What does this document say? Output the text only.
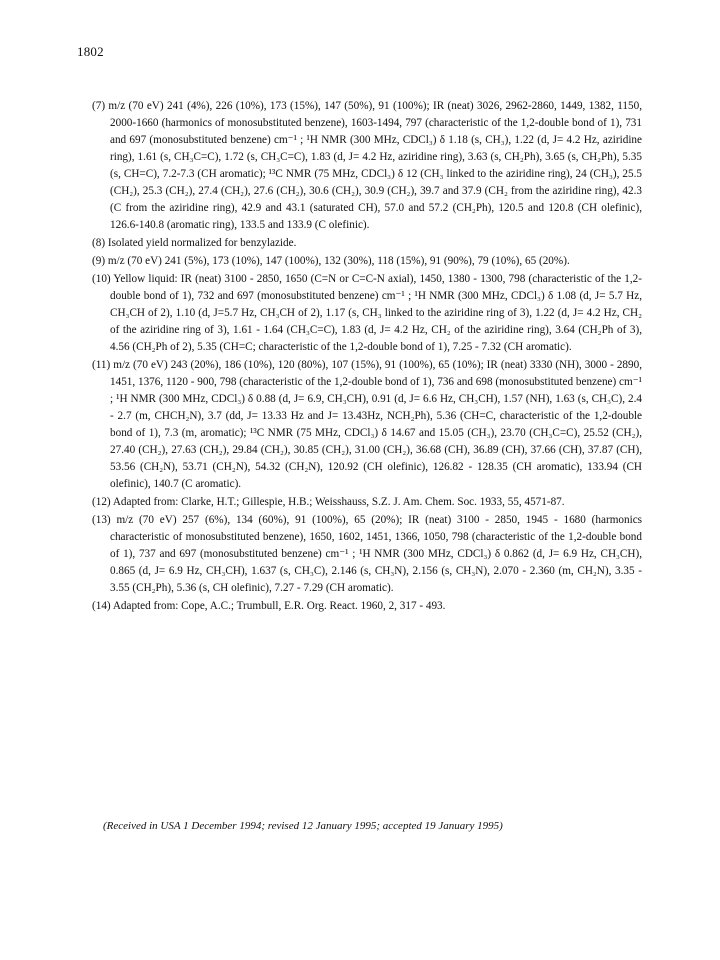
1802
(7) m/z (70 eV) 241 (4%), 226 (10%), 173 (15%), 147 (50%), 91 (100%); IR (neat) 3026, 2962-2860, 1449, 1382, 1150, 2000-1660 (harmonics of monosubstituted benzene), 1603-1494, 797 (characteristic of the 1,2-double bond of 1), 731 and 697 (monosubstituted benzene) cm⁻¹ ; ¹H NMR (300 MHz, CDCl₃) δ 1.18 (s, CH₃), 1.22 (d, J= 4.2 Hz, aziridine ring), 1.61 (s, CH₃C=C), 1.72 (s, CH₃C=C), 1.83 (d, J= 4.2 Hz, aziridine ring), 3.63 (s, CH₂Ph), 3.65 (s, CH₂Ph), 5.35 (s, CH=C), 7.2-7.3 (CH aromatic); ¹³C NMR (75 MHz, CDCl₃) δ 12 (CH₃ linked to the aziridine ring), 24 (CH₃), 25.5 (CH₂), 25.3 (CH₂), 27.4 (CH₂), 27.6 (CH₂), 30.6 (CH₂), 30.9 (CH₂), 39.7 and 37.9 (CH₂ from the aziridine ring), 42.3 (C from the aziridine ring), 42.9 and 43.1 (saturated CH), 57.0 and 57.2 (CH₂Ph), 120.5 and 120.8 (CH olefinic), 126.6-140.8 (aromatic ring), 133.5 and 133.9 (C olefinic).
(8) Isolated yield normalized for benzylazide.
(9) m/z (70 eV) 241 (5%), 173 (10%), 147 (100%), 132 (30%), 118 (15%), 91 (90%), 79 (10%), 65 (20%).
(10) Yellow liquid: IR (neat) 3100 - 2850, 1650 (C=N or C=C-N axial), 1450, 1380 - 1300, 798 (characteristic of the 1,2-double bond of 1), 732 and 697 (monosubstituted benzene) cm⁻¹ ; ¹H NMR (300 MHz, CDCl₃) δ 1.08 (d, J= 5.7 Hz, CH₃CH of 2), 1.10 (d, J=5.7 Hz, CH₃CH of 2), 1.17 (s, CH₃ linked to the aziridine ring of 3), 1.22 (d, J= 4.2 Hz, CH₂ of the aziridine ring of 3), 1.61 - 1.64 (CH₃C=C), 1.83 (d, J= 4.2 Hz, CH₂ of the aziridine ring), 3.64 (CH₂Ph of 3), 4.56 (CH₂Ph of 2), 5.35 (CH=C; characteristic of the 1,2-double bond of 1), 7.25 - 7.32 (CH aromatic).
(11) m/z (70 eV) 243 (20%), 186 (10%), 120 (80%), 107 (15%), 91 (100%), 65 (10%); IR (neat) 3330 (NH), 3000 - 2890, 1451, 1376, 1120 - 900, 798 (characteristic of the 1,2-double bond of 1), 736 and 698 (monosubstituted benzene) cm⁻¹ ; ¹H NMR (300 MHz, CDCl₃) δ 0.88 (d, J= 6.9, CH₃CH), 0.91 (d, J= 6.6 Hz, CH₃CH), 1.57 (NH), 1.63 (s, CH₃C), 2.4 - 2.7 (m, CHCH₂N), 3.7 (dd, J= 13.33 Hz and J= 13.43Hz, NCH₂Ph), 5.36 (CH=C, characteristic of the 1,2-double bond of 1), 7.3 (m, aromatic); ¹³C NMR (75 MHz, CDCl₃) δ 14.67 and 15.05 (CH₃), 23.70 (CH₃C=C), 25.52 (CH₂), 27.40 (CH₂), 27.63 (CH₂), 29.84 (CH₂), 30.85 (CH₂), 31.00 (CH₂), 36.68 (CH), 36.89 (CH), 37.66 (CH), 37.87 (CH), 53.56 (CH₂N), 53.71 (CH₂N), 54.32 (CH₂N), 120.92 (CH olefinic), 126.82 - 128.35 (CH aromatic), 133.94 (CH olefinic), 140.7 (C aromatic).
(12) Adapted from: Clarke, H.T.; Gillespie, H.B.; Weisshauss, S.Z. J. Am. Chem. Soc. 1933, 55, 4571-87.
(13) m/z (70 eV) 257 (6%), 134 (60%), 91 (100%), 65 (20%); IR (neat) 3100 - 2850, 1945 - 1680 (harmonics characteristic of monosubstituted benzene), 1650, 1602, 1451, 1366, 1050, 798 (characteristic of the 1,2-double bond of 1), 737 and 697 (monosubstituted benzene) cm⁻¹ ; ¹H NMR (300 MHz, CDCl₃) δ 0.862 (d, J= 6.9 Hz, CH₃CH), 0.865 (d, J= 6.9 Hz, CH₃CH), 1.637 (s, CH₃C), 2.146 (s, CH₃N), 2.156 (s, CH₃N), 2.070 - 2.360 (m, CH₂N), 3.35 - 3.55 (CH₂Ph), 5.36 (s, CH olefinic), 7.27 - 7.29 (CH aromatic).
(14) Adapted from: Cope, A.C.; Trumbull, E.R. Org. React. 1960, 2, 317 - 493.
(Received in USA 1 December 1994; revised 12 January 1995; accepted 19 January 1995)
